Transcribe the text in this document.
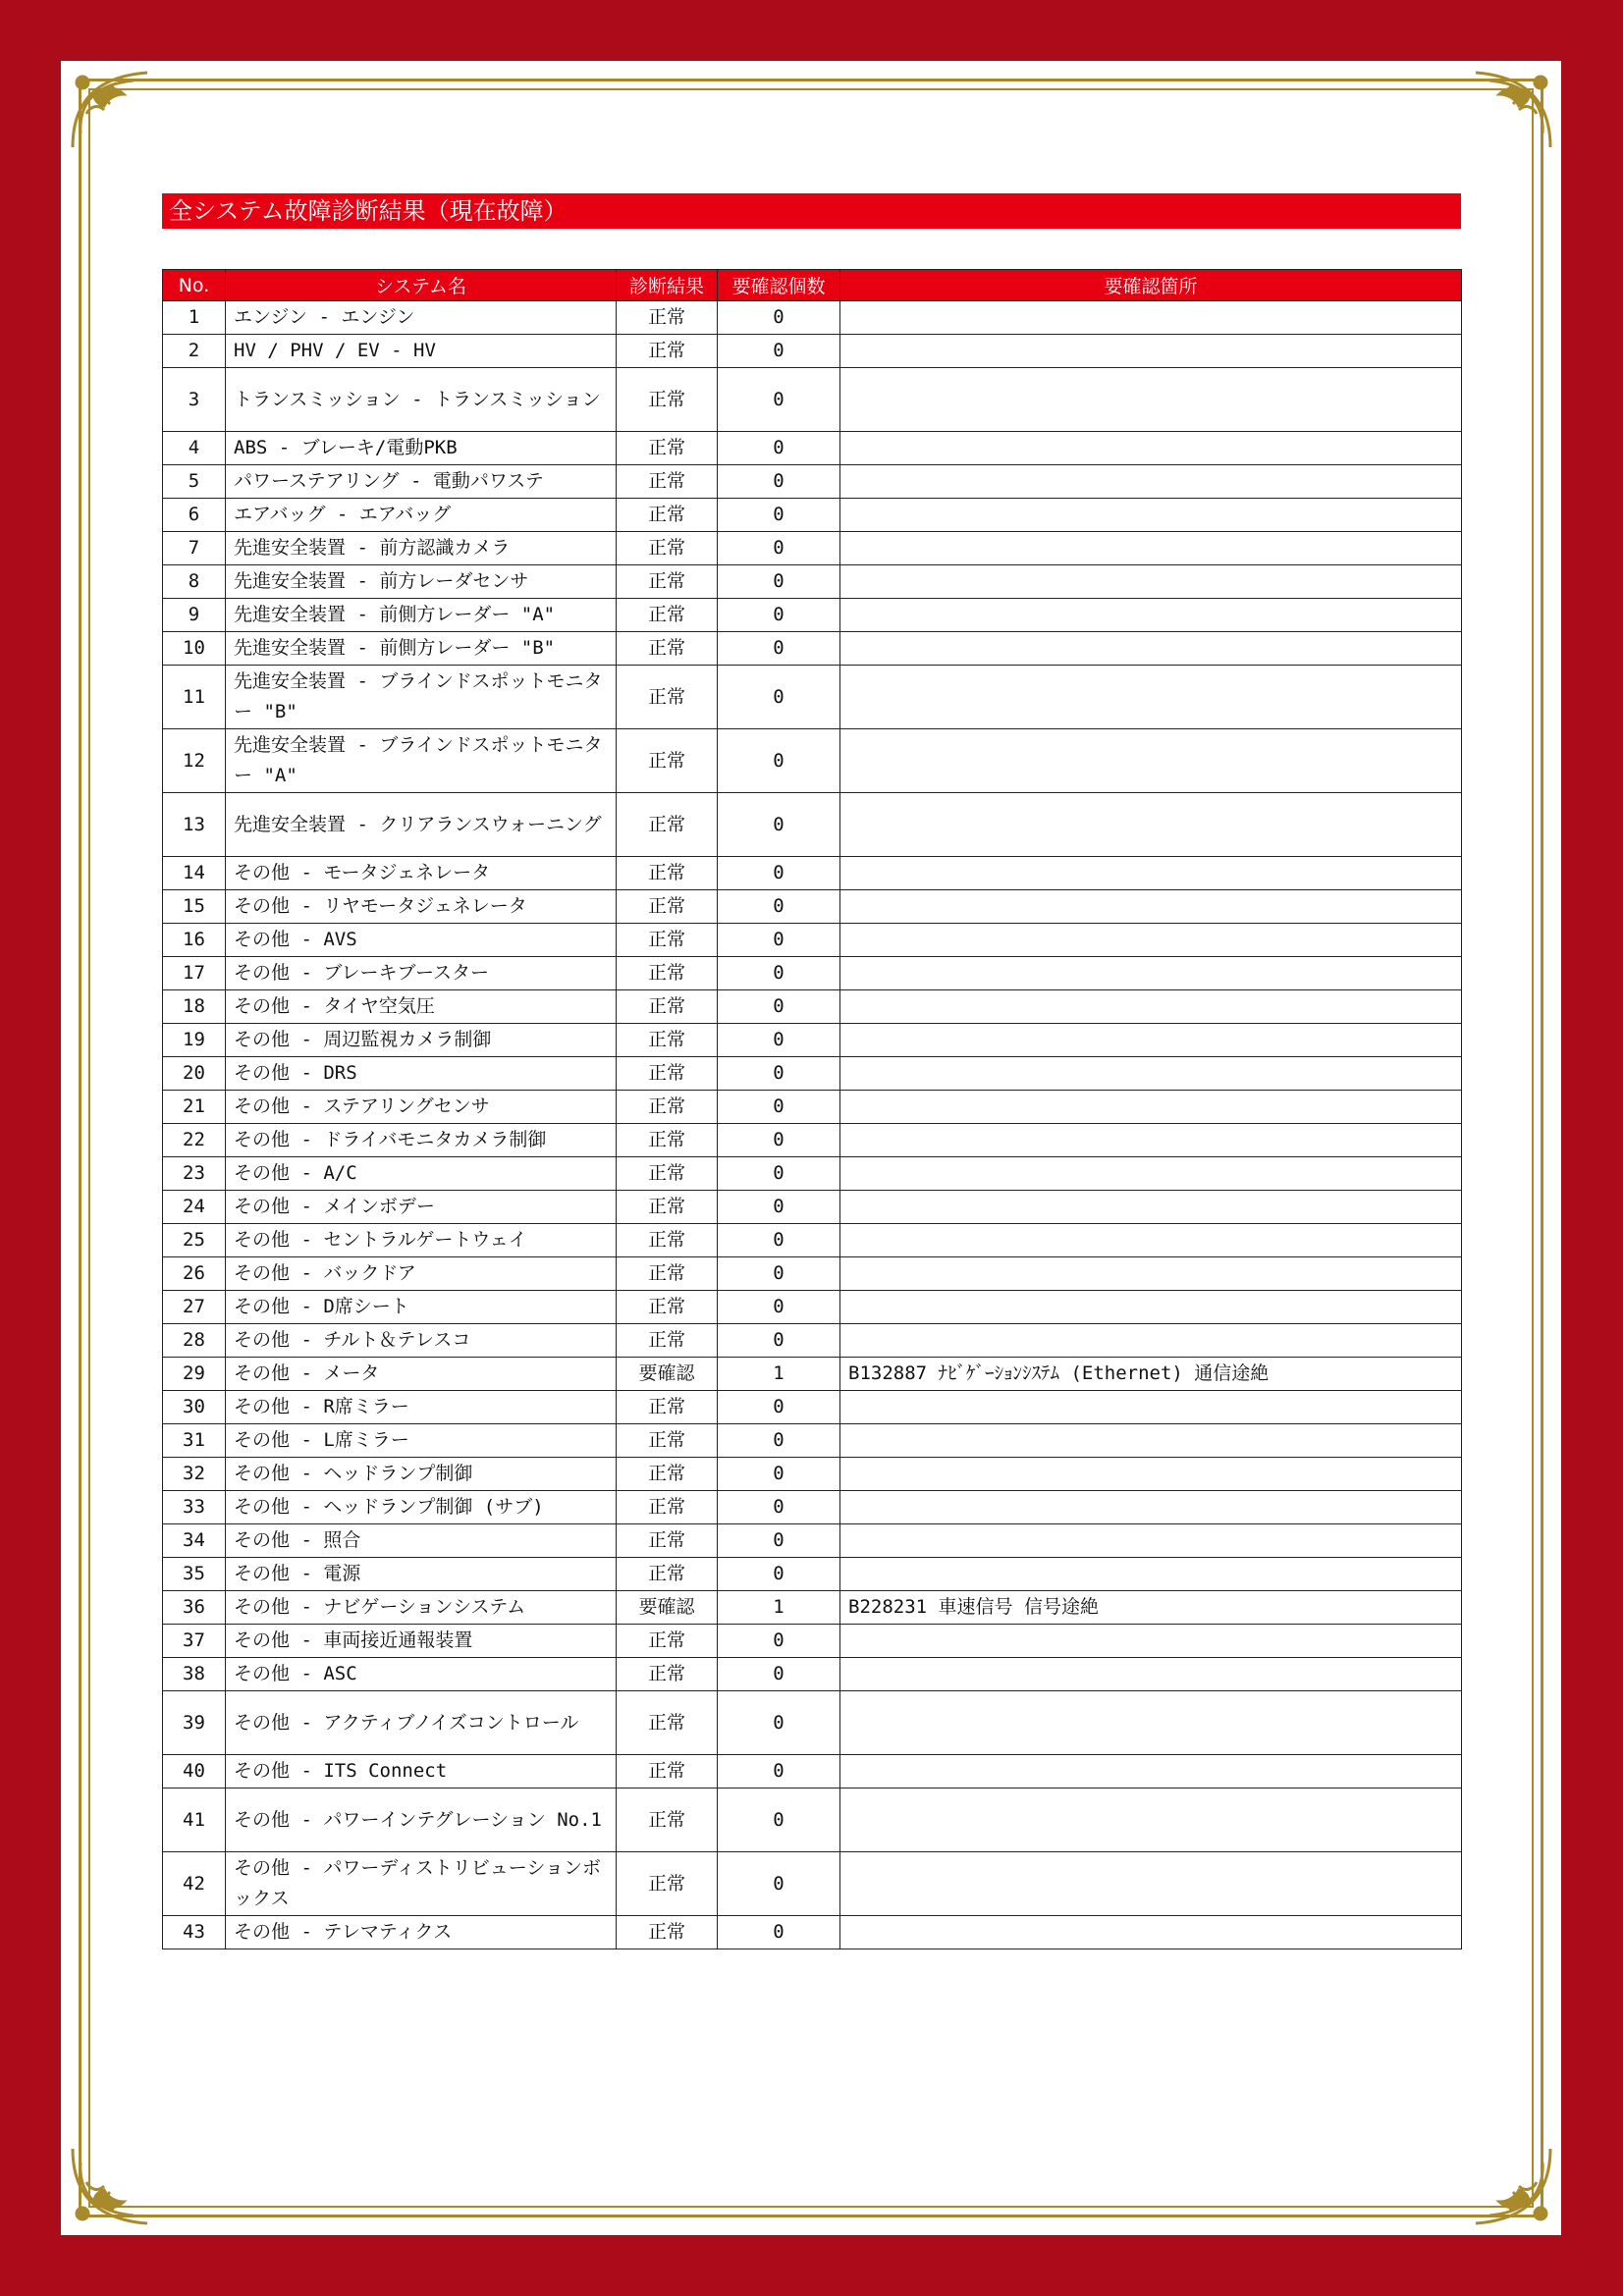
全システム故障診断結果（現在故障）
No.	システム名	診断結果	要確認個数	要確認箇所
1	エンジン - エンジン	正常	0	
2	HV / PHV / EV - HV	正常	0	
3	トランスミッション - トランスミッション	正常	0	
4	ABS - ブレーキ/電動PKB	正常	0	
5	パワーステアリング - 電動パワステ	正常	0	
6	エアバッグ - エアバッグ	正常	0	
7	先進安全装置 - 前方認識カメラ	正常	0	
8	先進安全装置 - 前方レーダセンサ	正常	0	
9	先進安全装置 - 前側方レーダー "A"	正常	0	
10	先進安全装置 - 前側方レーダー "B"	正常	0	
11	先進安全装置 - ブラインドスポットモニター "B"	正常	0	
12	先進安全装置 - ブラインドスポットモニター "A"	正常	0	
13	先進安全装置 - クリアランスウォーニング	正常	0	
14	その他 - モータジェネレータ	正常	0	
15	その他 - リヤモータジェネレータ	正常	0	
16	その他 - AVS	正常	0	
17	その他 - ブレーキブースター	正常	0	
18	その他 - タイヤ空気圧	正常	0	
19	その他 - 周辺監視カメラ制御	正常	0	
20	その他 - DRS	正常	0	
21	その他 - ステアリングセンサ	正常	0	
22	その他 - ドライバモニタカメラ制御	正常	0	
23	その他 - A/C	正常	0	
24	その他 - メインボデー	正常	0	
25	その他 - セントラルゲートウェイ	正常	0	
26	その他 - バックドア	正常	0	
27	その他 - D席シート	正常	0	
28	その他 - チルト＆テレスコ	正常	0	
29	その他 - メータ	要確認	1	B132887 ﾅﾋﾞｹﾞｰｼｮﾝｼｽﾃﾑ (Ethernet) 通信途絶
30	その他 - R席ミラー	正常	0	
31	その他 - L席ミラー	正常	0	
32	その他 - ヘッドランプ制御	正常	0	
33	その他 - ヘッドランプ制御 (サブ)	正常	0	
34	その他 - 照合	正常	0	
35	その他 - 電源	正常	0	
36	その他 - ナビゲーションシステム	要確認	1	B228231 車速信号 信号途絶
37	その他 - 車両接近通報装置	正常	0	
38	その他 - ASC	正常	0	
39	その他 - アクティブノイズコントロール	正常	0	
40	その他 - ITS Connect	正常	0	
41	その他 - パワーインテグレーション No.1	正常	0	
42	その他 - パワーディストリビューションボックス	正常	0	
43	その他 - テレマティクス	正常	0	
